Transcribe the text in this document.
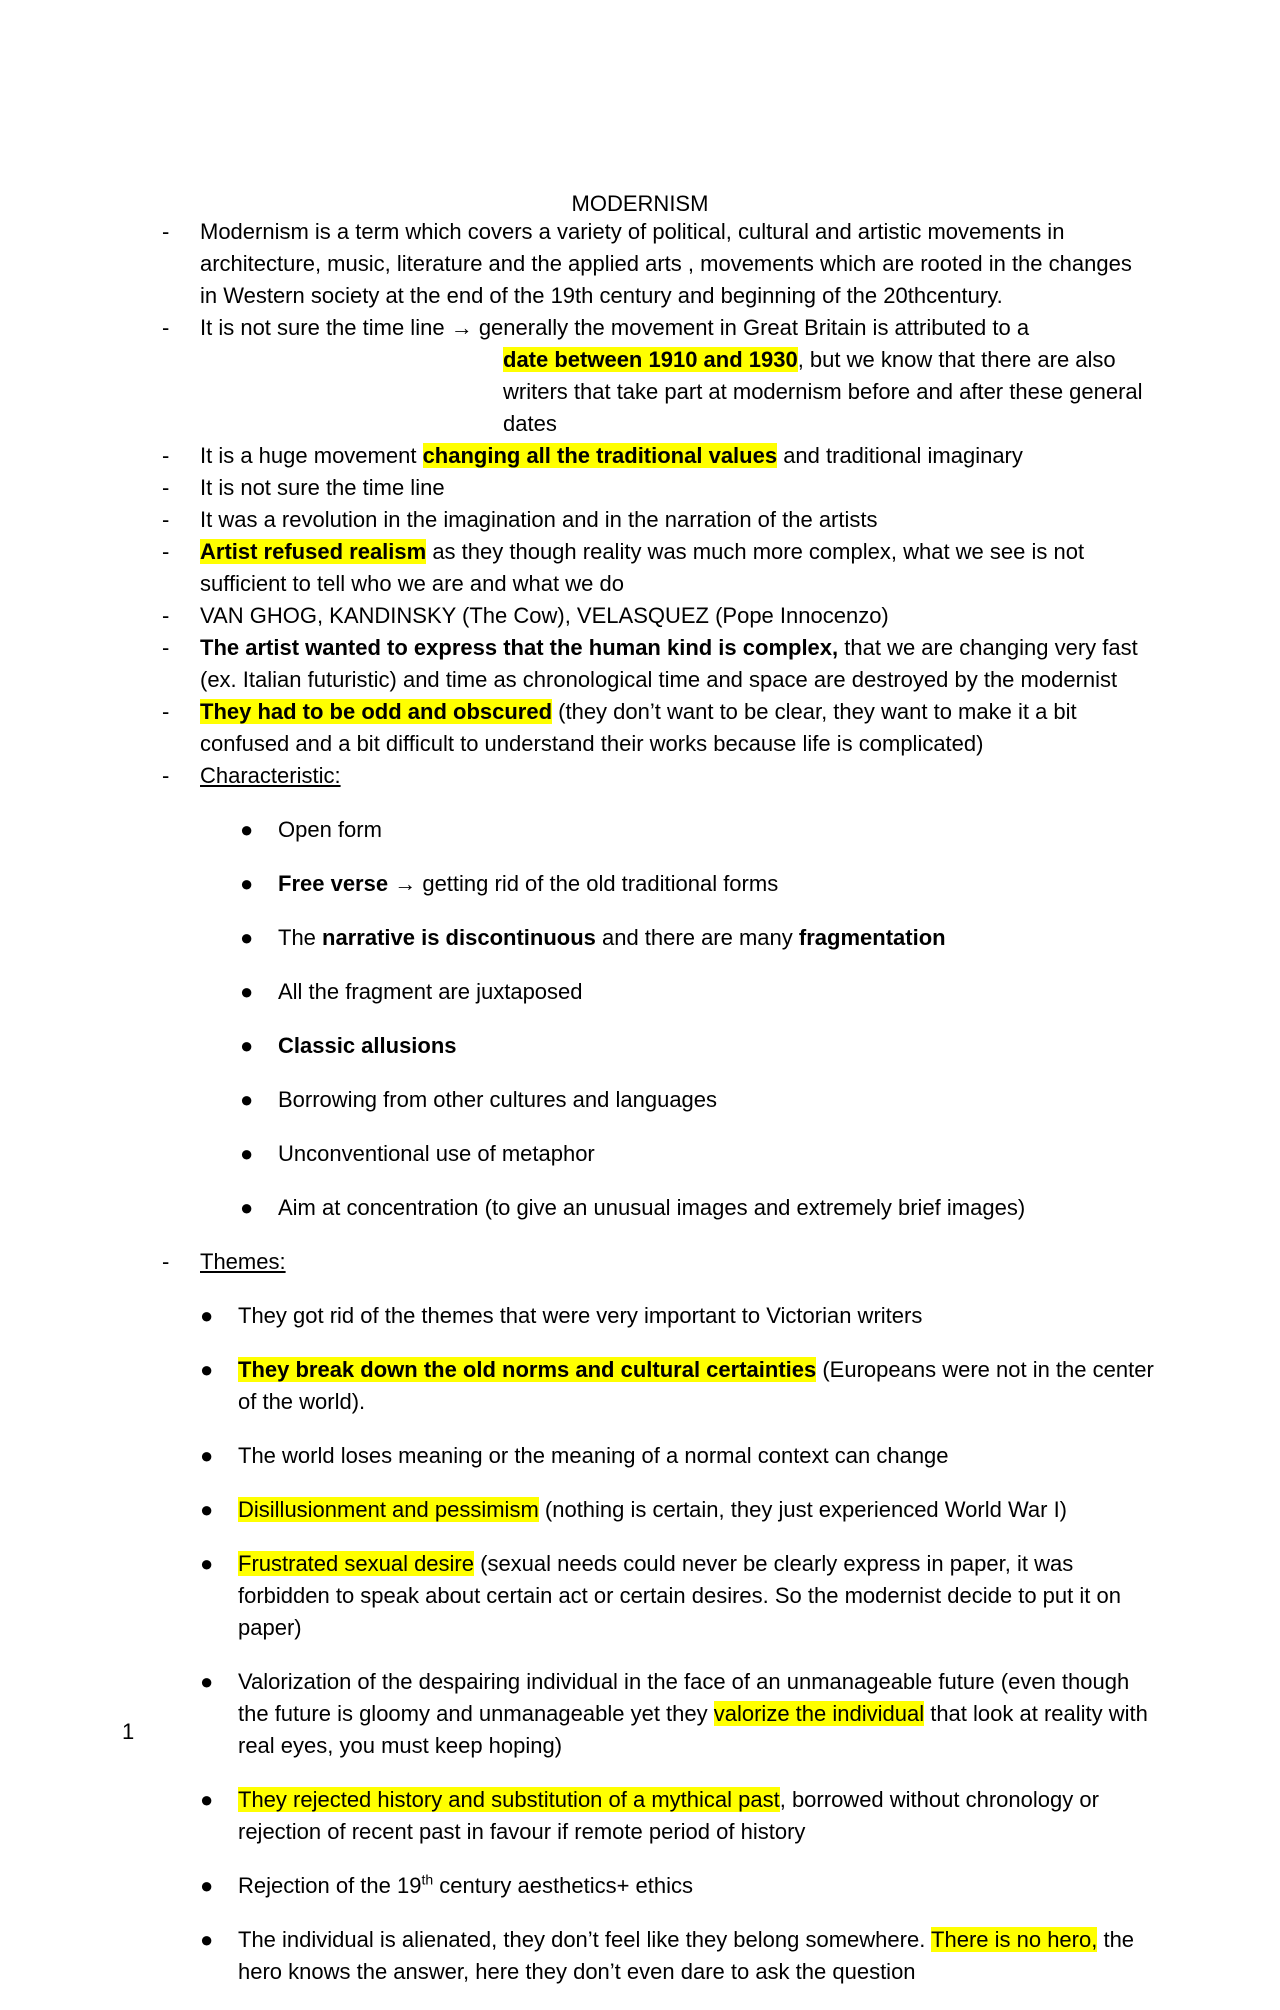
MODERNISM

- Modernism is a term which covers a variety of political, cultural and artistic movements in architecture, music, literature and the applied arts , movements which are rooted in the changes in Western society at the end of the 19th century and beginning of the 20thcentury.

- It is not sure the time line → generally the movement in Great Britain is attributed to a
date between 1910 and 1930, but we know that there are also writers that take part at modernism before and after these general dates

- It is a huge movement changing all the traditional values and traditional imaginary

- It is not sure the time line

- It was a revolution in the imagination and in the narration of the artists

- Artist refused realism as they though reality was much more complex, what we see is not sufficient to tell who we are and what we do

- VAN GHOG, KANDINSKY (The Cow), VELASQUEZ (Pope Innocenzo)

- The artist wanted to express that the human kind is complex, that we are changing very fast (ex. Italian futuristic) and time as chronological time and space are destroyed by the modernist

- They had to be odd and obscured (they don’t want to be clear, they want to make it a bit confused and a bit difficult to understand their works because life is complicated)

- Characteristic:

● Open form

● Free verse → getting rid of the old traditional forms

● The narrative is discontinuous and there are many fragmentation

● All the fragment are juxtaposed

● Classic allusions

● Borrowing from other cultures and languages

● Unconventional use of metaphor

● Aim at concentration (to give an unusual images and extremely brief images)

- Themes:

● They got rid of the themes that were very important to Victorian writers

● They break down the old norms and cultural certainties (Europeans were not in the center of the world).

● The world loses meaning or the meaning of a normal context can change

● Disillusionment and pessimism (nothing is certain, they just experienced World War I)

● Frustrated sexual desire (sexual needs could never be clearly express in paper, it was forbidden to speak about certain act or certain desires. So the modernist decide to put it on paper)

● Valorization of the despairing individual in the face of an unmanageable future (even though the future is gloomy and unmanageable yet they valorize the individual that look at reality with real eyes, you must keep hoping)

● They rejected history and substitution of a mythical past, borrowed without chronology or rejection of recent past in favour if remote period of history

● Rejection of the 19th century aesthetics+ ethics

● The individual is alienated, they don’t feel like they belong somewhere. There is no hero, the hero knows the answer, here they don’t even dare to ask the question

1
